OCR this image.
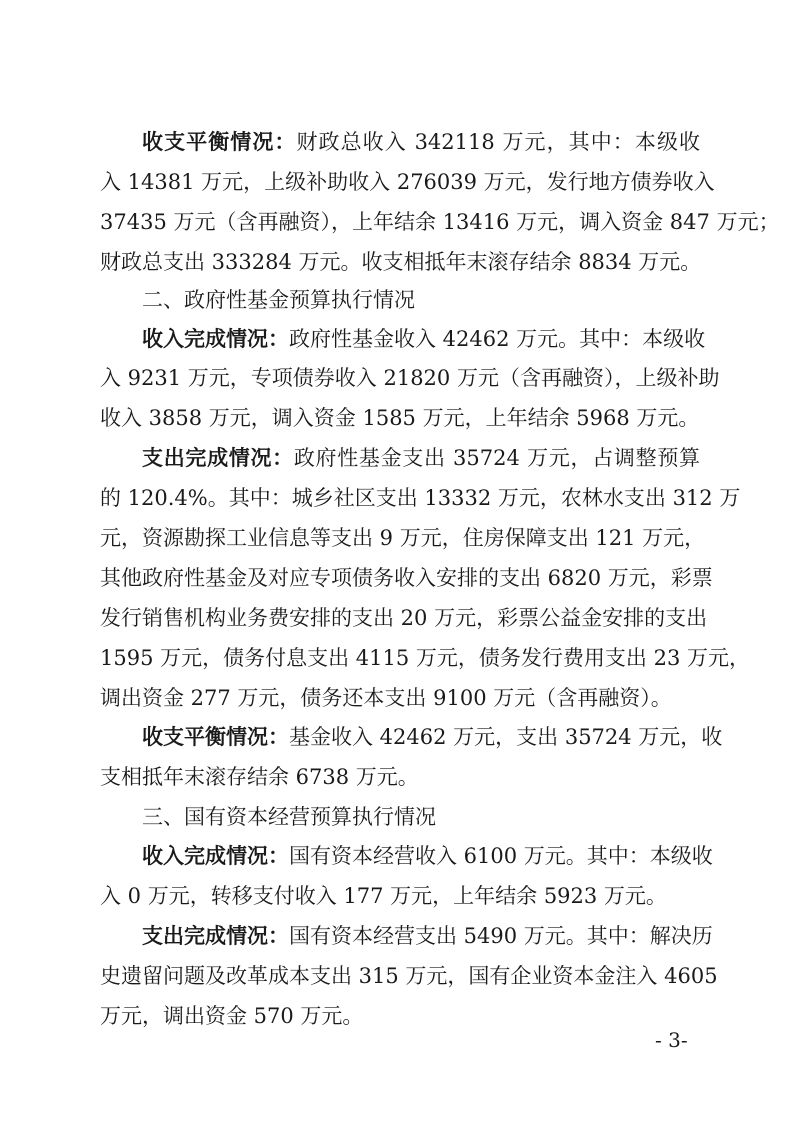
收支平衡情况：财政总收入 342118 万元，其中：本级收
入 14381 万元，上级补助收入 276039 万元，发行地方债券收入
37435 万元（含再融资），上年结余 13416 万元，调入资金 847 万元；
财政总支出 333284 万元。收支相抵年末滚存结余 8834 万元。
二、政府性基金预算执行情况
收入完成情况：政府性基金收入 42462 万元。其中：本级收
入 9231 万元，专项债券收入 21820 万元（含再融资），上级补助
收入 3858 万元，调入资金 1585 万元，上年结余 5968 万元。
支出完成情况：政府性基金支出 35724 万元，占调整预算
的 120.4%。其中：城乡社区支出 13332 万元，农林水支出 312 万
元，资源勘探工业信息等支出 9 万元，住房保障支出 121 万元，
其他政府性基金及对应专项债务收入安排的支出 6820 万元，彩票
发行销售机构业务费安排的支出 20 万元，彩票公益金安排的支出
1595 万元，债务付息支出 4115 万元，债务发行费用支出 23 万元，
调出资金 277 万元，债务还本支出 9100 万元（含再融资）。
收支平衡情况：基金收入 42462 万元，支出 35724 万元，收
支相抵年末滚存结余 6738 万元。
三、国有资本经营预算执行情况
收入完成情况：国有资本经营收入 6100 万元。其中：本级收
入 0 万元，转移支付收入 177 万元，上年结余 5923 万元。
支出完成情况：国有资本经营支出 5490 万元。其中：解决历
史遗留问题及改革成本支出 315 万元，国有企业资本金注入 4605
万元，调出资金 570 万元。
- 3-
